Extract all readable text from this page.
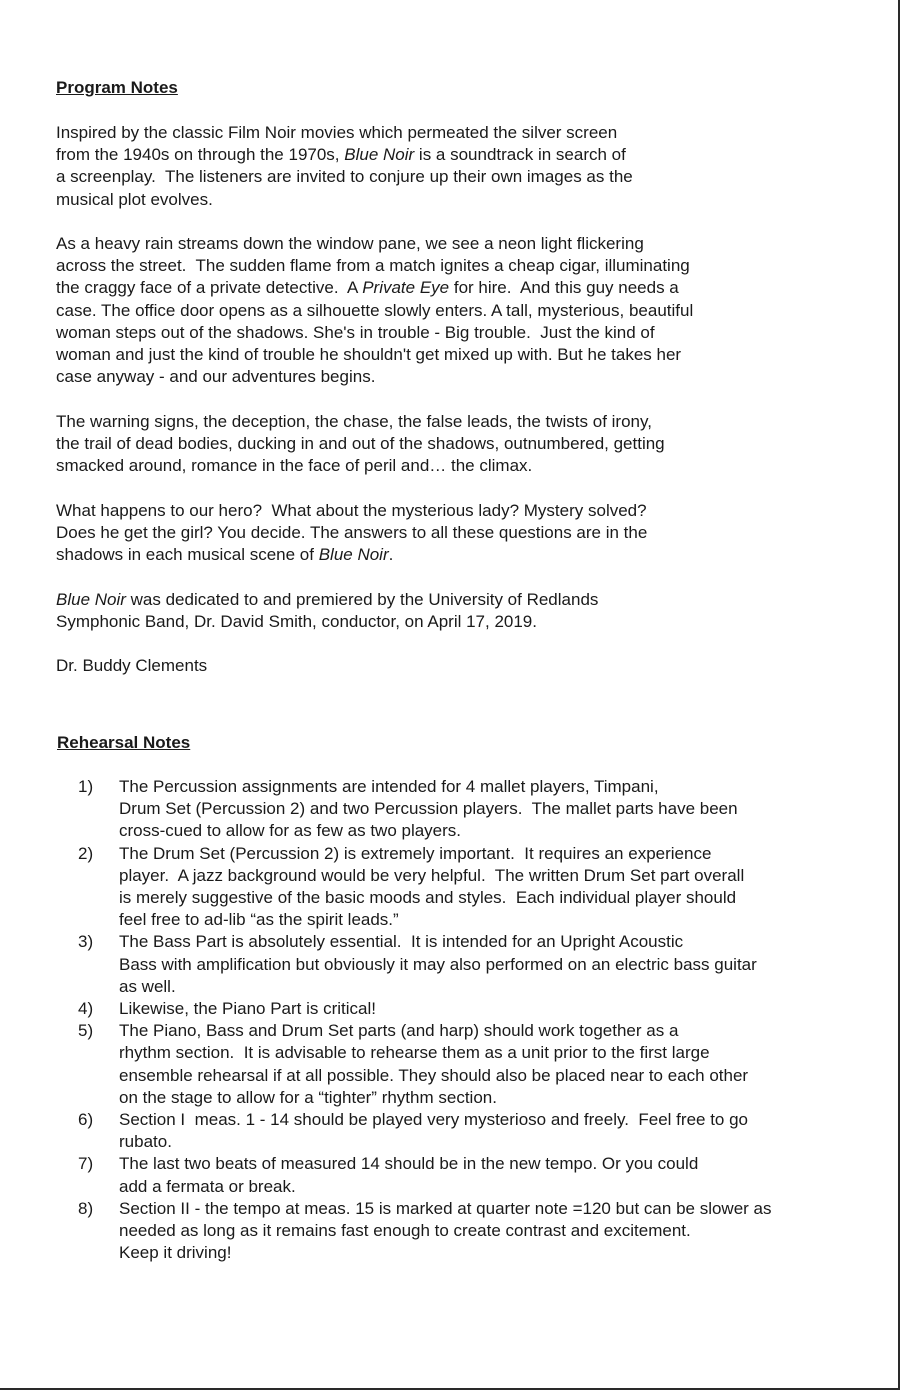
Program Notes
Inspired by the classic Film Noir movies which permeated the silver screen
from the 1940s on through the 1970s, Blue Noir is a soundtrack in search of
a screenplay.  The listeners are invited to conjure up their own images as the
musical plot evolves.
As a heavy rain streams down the window pane, we see a neon light flickering
across the street.  The sudden flame from a match ignites a cheap cigar, illuminating
the craggy face of a private detective.  A Private Eye for hire.  And this guy needs a
case. The office door opens as a silhouette slowly enters. A tall, mysterious, beautiful
woman steps out of the shadows. She's in trouble - Big trouble.  Just the kind of
woman and just the kind of trouble he shouldn't get mixed up with. But he takes her
case anyway - and our adventures begins.
The warning signs, the deception, the chase, the false leads, the twists of irony,
the trail of dead bodies, ducking in and out of the shadows, outnumbered, getting
smacked around, romance in the face of peril and… the climax.
What happens to our hero?  What about the mysterious lady? Mystery solved?
Does he get the girl? You decide. The answers to all these questions are in the
shadows in each musical scene of Blue Noir.
Blue Noir was dedicated to and premiered by the University of Redlands
Symphonic Band, Dr. David Smith, conductor, on April 17, 2019.
Dr. Buddy Clements
Rehearsal Notes
1)	The Percussion assignments are intended for 4 mallet players, Timpani,
Drum Set (Percussion 2) and two Percussion players.  The mallet parts have been
cross-cued to allow for as few as two players.
2)	The Drum Set (Percussion 2) is extremely important.  It requires an experience
player.  A jazz background would be very helpful.  The written Drum Set part overall
is merely suggestive of the basic moods and styles.  Each individual player should
feel free to ad-lib “as the spirit leads.”
3)	The Bass Part is absolutely essential.  It is intended for an Upright Acoustic
Bass with amplification but obviously it may also performed on an electric bass guitar
as well.
4)	Likewise, the Piano Part is critical!
5)	The Piano, Bass and Drum Set parts (and harp) should work together as a
rhythm section.  It is advisable to rehearse them as a unit prior to the first large
ensemble rehearsal if at all possible. They should also be placed near to each other
on the stage to allow for a “tighter” rhythm section.
6)	Section I  meas. 1 - 14 should be played very mysterioso and freely.  Feel free to go
rubato.
7)	The last two beats of measured 14 should be in the new tempo. Or you could
add a fermata or break.
8)	Section II - the tempo at meas. 15 is marked at quarter note =120 but can be slower as
needed as long as it remains fast enough to create contrast and excitement.
Keep it driving!
